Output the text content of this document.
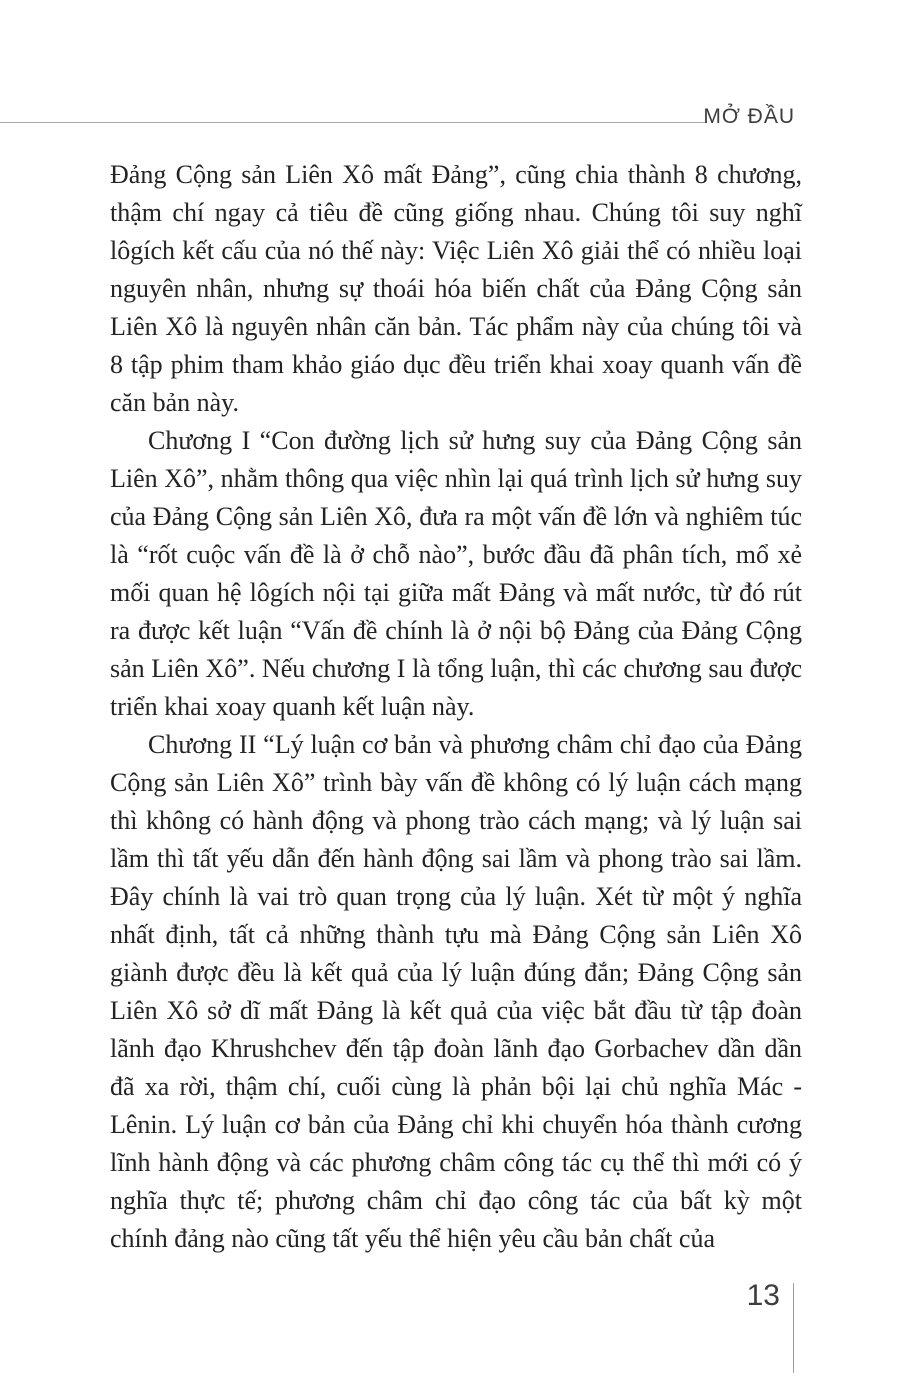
MỞ ĐẦU

Đảng Cộng sản Liên Xô mất Đảng”, cũng chia thành 8 chương, thậm chí ngay cả tiêu đề cũng giống nhau. Chúng tôi suy nghĩ lôgích kết cấu của nó thế này: Việc Liên Xô giải thể có nhiều loại nguyên nhân, nhưng sự thoái hóa biến chất của Đảng Cộng sản Liên Xô là nguyên nhân căn bản. Tác phẩm này của chúng tôi và 8 tập phim tham khảo giáo dục đều triển khai xoay quanh vấn đề căn bản này.

Chương I “Con đường lịch sử hưng suy của Đảng Cộng sản Liên Xô”, nhằm thông qua việc nhìn lại quá trình lịch sử hưng suy của Đảng Cộng sản Liên Xô, đưa ra một vấn đề lớn và nghiêm túc là “rốt cuộc vấn đề là ở chỗ nào”, bước đầu đã phân tích, mổ xẻ mối quan hệ lôgích nội tại giữa mất Đảng và mất nước, từ đó rút ra được kết luận “Vấn đề chính là ở nội bộ Đảng của Đảng Cộng sản Liên Xô”. Nếu chương I là tổng luận, thì các chương sau được triển khai xoay quanh kết luận này.

Chương II “Lý luận cơ bản và phương châm chỉ đạo của Đảng Cộng sản Liên Xô” trình bày vấn đề không có lý luận cách mạng thì không có hành động và phong trào cách mạng; và lý luận sai lầm thì tất yếu dẫn đến hành động sai lầm và phong trào sai lầm. Đây chính là vai trò quan trọng của lý luận. Xét từ một ý nghĩa nhất định, tất cả những thành tựu mà Đảng Cộng sản Liên Xô giành được đều là kết quả của lý luận đúng đắn; Đảng Cộng sản Liên Xô sở dĩ mất Đảng là kết quả của việc bắt đầu từ tập đoàn lãnh đạo Khrushchev đến tập đoàn lãnh đạo Gorbachev dần dần đã xa rời, thậm chí, cuối cùng là phản bội lại chủ nghĩa Mác - Lênin. Lý luận cơ bản của Đảng chỉ khi chuyển hóa thành cương lĩnh hành động và các phương châm công tác cụ thể thì mới có ý nghĩa thực tế; phương châm chỉ đạo công tác của bất kỳ một chính đảng nào cũng tất yếu thể hiện yêu cầu bản chất của

13
